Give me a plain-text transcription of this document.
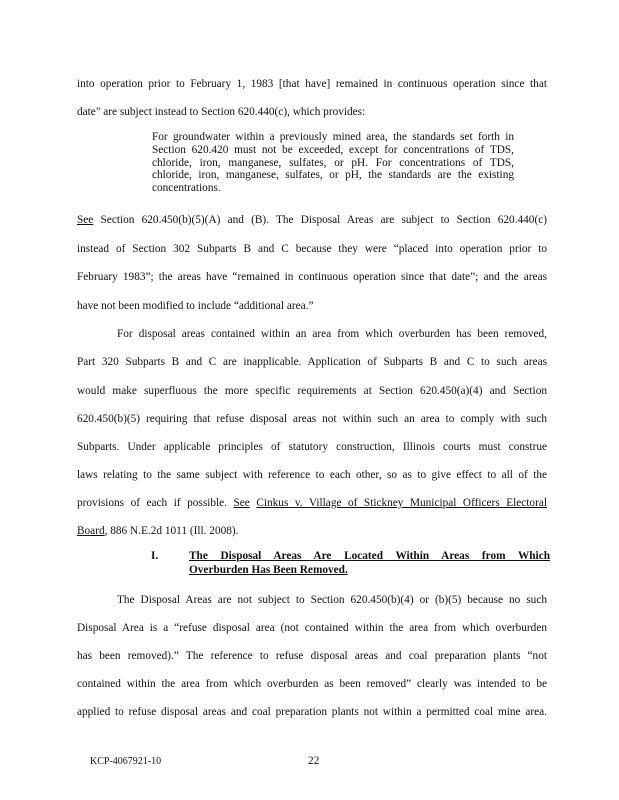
into operation prior to February 1, 1983 [that have] remained in continuous operation since that
date" are subject instead to Section 620.440(c), which provides:
For groundwater within a previously mined area, the standards set forth in
Section 620.420 must not be exceeded, except for concentrations of TDS,
chloride, iron, manganese, sulfates, or pH. For concentrations of TDS,
chloride, iron, manganese, sulfates, or pH, the standards are the existing
concentrations.
See Section 620.450(b)(5)(A) and (B). The Disposal Areas are subject to Section 620.440(c)
instead of Section 302 Subparts B and C because they were “placed into operation prior to
February 1983”; the areas have “remained in continuous operation since that date”; and the areas
have not been modified to include “additional area.”
For disposal areas contained within an area from which overburden has been removed,
Part 320 Subparts B and C are inapplicable. Application of Subparts B and C to such areas
would make superfluous the more specific requirements at Section 620.450(a)(4) and Section
620.450(b)(5) requiring that refuse disposal areas not within such an area to comply with such
Subparts. Under applicable principles of statutory construction, Illinois courts must construe
laws relating to the same subject with reference to each other, so as to give effect to all of the
provisions of each if possible. See Cinkus v. Village of Stickney Municipal Officers Electoral
Board, 886 N.E.2d 1011 (Ill. 2008).
I.	The Disposal Areas Are Located Within Areas from Which
Overburden Has Been Removed.
The Disposal Areas are not subject to Section 620.450(b)(4) or (b)(5) because no such
Disposal Area is a “refuse disposal area (not contained within the area from which overburden
has been removed).” The reference to refuse disposal areas and coal preparation plants “not
contained within the area from which overburden as been removed” clearly was intended to be
applied to refuse disposal areas and coal preparation plants not within a permitted coal mine area.
KCP-4067921-10	22
